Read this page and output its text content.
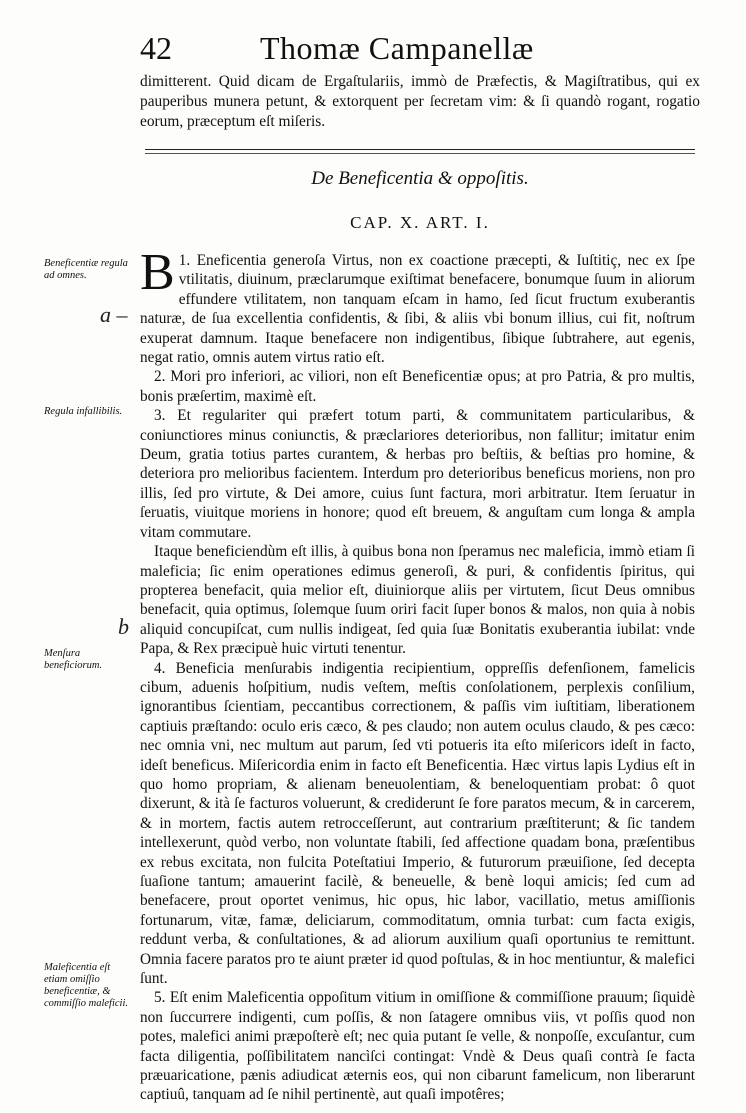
42	Thomæ Campanellæ
dimitterent. Quid dicam de Ergaſtulariis, immò de Præfectis, & Magiſtratibus, qui ex pauperibus munera petunt, & extorquent per ſecretam vim: & ſi quandò rogant, rogatio eorum, præceptum eſt miſeris.
De Beneficentia & oppoſitis.
CAP. X. ART. I.
Beneficentiæ regula ad omnes.
Regula infallibilis.
Menſura beneficiorum.
Maleficentia eſt etiam omiſſio beneficentiæ, & commiſſio maleficii.
a –
b

1.
B Eneficentia generoſa Virtus, non ex coactione præcepti, & Iuſtitiç, nec ex ſpe vtilitatis, diuinum, præclarumque exiſtimat benefacere, bonumque ſuum in aliorum effundere vtilitatem, non tanquam eſcam in hamo, ſed ſicut fructum exuberantis naturæ, de ſua excellentia confidentis, & ſibi, & aliis vbi bonum illius, cui fit, noſtrum exuperat damnum. Itaque benefacere non indigentibus, ſibique ſubtrahere, aut egenis, negat ratio, omnis autem virtus ratio eſt.

2. Mori pro inferiori, ac viliori, non eſt Beneficentiæ opus; at pro Patria, & pro multis, bonis præſertim, maximè eſt.

3. Et regulariter qui præfert totum parti, & communitatem particularibus, & coniunctiores minus coniunctis, & præclariores deterioribus, non fallitur; imitatur enim Deum, gratia totius partes curantem, & herbas pro beſtiis, & beſtias pro homine, & deteriora pro melioribus facientem. Interdum pro deterioribus beneficus moriens, non pro illis, ſed pro virtute, & Dei amore, cuius ſunt factura, mori arbitratur. Item ſeruatur in ſeruatis, viuitque moriens in honore; quod eſt breuem, & anguſtam cum longa & ampla vitam commutare.

Itaque beneficiendùm eſt illis, à quibus bona non ſperamus nec maleficia, immò etiam ſi maleficia; ſic enim operationes edimus generoſi, & puri, & confidentis ſpiritus, qui propterea benefacit, quia melior eſt, diuiniorque aliis per virtutem, ſicut Deus omnibus benefacit, quia optimus, ſolemque ſuum oriri facit ſuper bonos & malos, non quia à nobis aliquid concupiſcat, cum nullis indigeat, ſed quia ſuæ Bonitatis exuberantia iubilat: vnde Papa, & Rex præcipuè huic virtuti tenentur.

4. Beneficia menſurabis indigentia recipientium, oppreſſis defenſionem, famelicis cibum, aduenis hoſpitium, nudis veſtem, meſtis conſolationem, perplexis conſilium, ignorantibus ſcientiam, peccantibus correctionem, & paſſis vim iuſtitiam, liberationem captiuis præſtando: oculo eris cæco, & pes claudo; non autem oculus claudo, & pes cæco: nec omnia vni, nec multum aut parum, ſed vti potueris ita eſto miſericors ideſt in facto, ideſt beneficus. Miſericordia enim in facto eſt Beneficentia. Hæc virtus lapis Lydius eſt in quo homo propriam, & alienam beneuolentiam, & beneloquentiam probat: ô quot dixerunt, & ità ſe facturos voluerunt, & crediderunt ſe fore paratos mecum, & in carcerem, & in mortem, factis autem retrocceſſerunt, aut contrarium præſtiterunt; & ſic tandem intellexerunt, quòd verbo, non voluntate ſtabili, ſed affectione quadam bona, præſentibus ex rebus excitata, non fulcita Poteſtatiui Imperio, & futurorum præuiſione, ſed decepta ſuaſione tantum; amauerint facilè, & beneuelle, & benè loqui amicis; ſed cum ad benefacere, prout oportet venimus, hic opus, hic labor, vacillatio, metus amiſſionis fortunarum, vitæ, famæ, deliciarum, commoditatum, omnia turbat: cum facta exigis, reddunt verba, & conſultationes, & ad aliorum auxilium quaſi oportunius te remittunt. Omnia facere paratos pro te aiunt præter id quod poſtulas, & in hoc mentiuntur, & malefici ſunt.

5. Eſt enim Maleficentia oppoſitum vitium in omiſſione & commiſſione prauum; ſiquidè non ſuccurrere indigenti, cum poſſis, & non ſatagere omnibus viis, vt poſſis quod non potes, malefici animi præpoſterè eſt; nec quia putant ſe velle, & nonpoſſe, excuſantur, cum facta diligentia, poſſibilitatem nancìſci contingat: Vndè & Deus quaſi contrà ſe facta præuaricatione, pænis adiudicat æternis eos, qui non cibarunt famelicum, non liberarunt captiuû, tanquam ad ſe nihil pertinentè, aut quaſi impotêres;
